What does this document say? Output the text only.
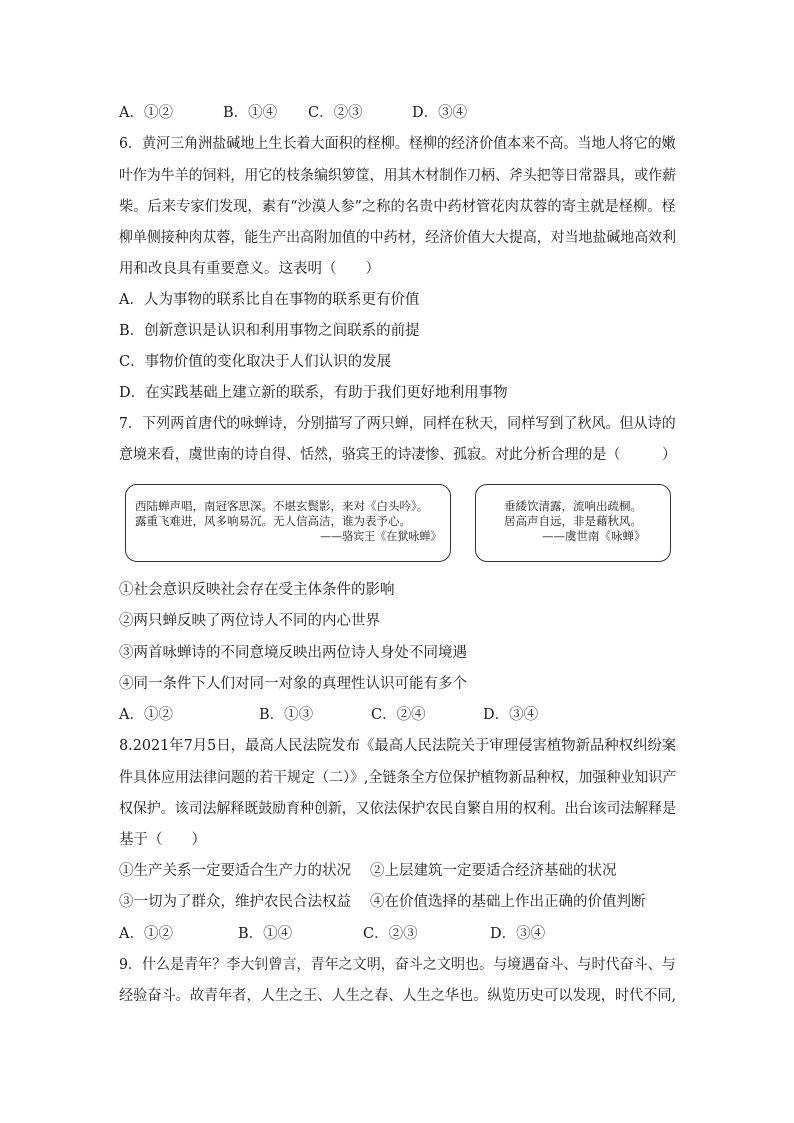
A．①②	B．①④ C．②③	D．③④
6．黄河三角洲盐碱地上生长着大面积的柽柳。柽柳的经济价值本来不高。当地人将它的嫩
叶作为牛羊的饲料，用它的枝条编织箩筐，用其木材制作刀柄、斧头把等日常器具，或作薪
柴。后来专家们发现，素有“沙漠人参”之称的名贵中药材管花肉苁蓉的寄主就是柽柳。柽
柳单侧接种肉苁蓉，能生产出高附加值的中药材，经济价值大大提高，对当地盐碱地高效利
用和改良具有重要意义。这表明（　　）
A．人为事物的联系比自在事物的联系更有价值
B．创新意识是认识和利用事物之间联系的前提
C．事物价值的变化取决于人们认识的发展
D．在实践基础上建立新的联系，有助于我们更好地利用事物
7．下列两首唐代的咏蝉诗，分别描写了两只蝉，同样在秋天，同样写到了秋风。但从诗的
意境来看，虞世南的诗自得、恬然，骆宾王的诗凄惨、孤寂。对此分析合理的是（　　　）
西陆蝉声唱，南冠客思深。不堪玄鬓影，来对《白头吟》。
露重飞难进，风多响易沉。无人信高洁，谁为表予心。
——骆宾王《在狱咏蝉》
垂緌饮清露，流响出疏桐。
居高声自远，非是藉秋风。
——虞世南《咏蝉》
①社会意识反映社会存在受主体条件的影响
②两只蝉反映了两位诗人不同的内心世界
③两首咏蝉诗的不同意境反映出两位诗人身处不同境遇
④同一条件下人们对同一对象的真理性认识可能有多个
A．①②	B．①③	C．②④	D．③④
8.2021年7月5日，最高人民法院发布《最高人民法院关于审理侵害植物新品种权纠纷案
件具体应用法律问题的若干规定（二）》,全链条全方位保护植物新品种权，加强种业知识产
权保护。该司法解释既鼓励育种创新，又依法保护农民自繁自用的权利。出台该司法解释是
基于（　　）
①生产关系一定要适合生产力的状况 ②上层建筑一定要适合经济基础的状况
③一切为了群众，维护农民合法权益 ④在价值选择的基础上作出正确的价值判断
A．①②	B．①④	C．②③	D．③④
9．什么是青年？李大钊曾言，青年之文明，奋斗之文明也。与境遇奋斗、与时代奋斗、与
经验奋斗。故青年者，人生之王、人生之春、人生之华也。纵览历史可以发现，时代不同,
